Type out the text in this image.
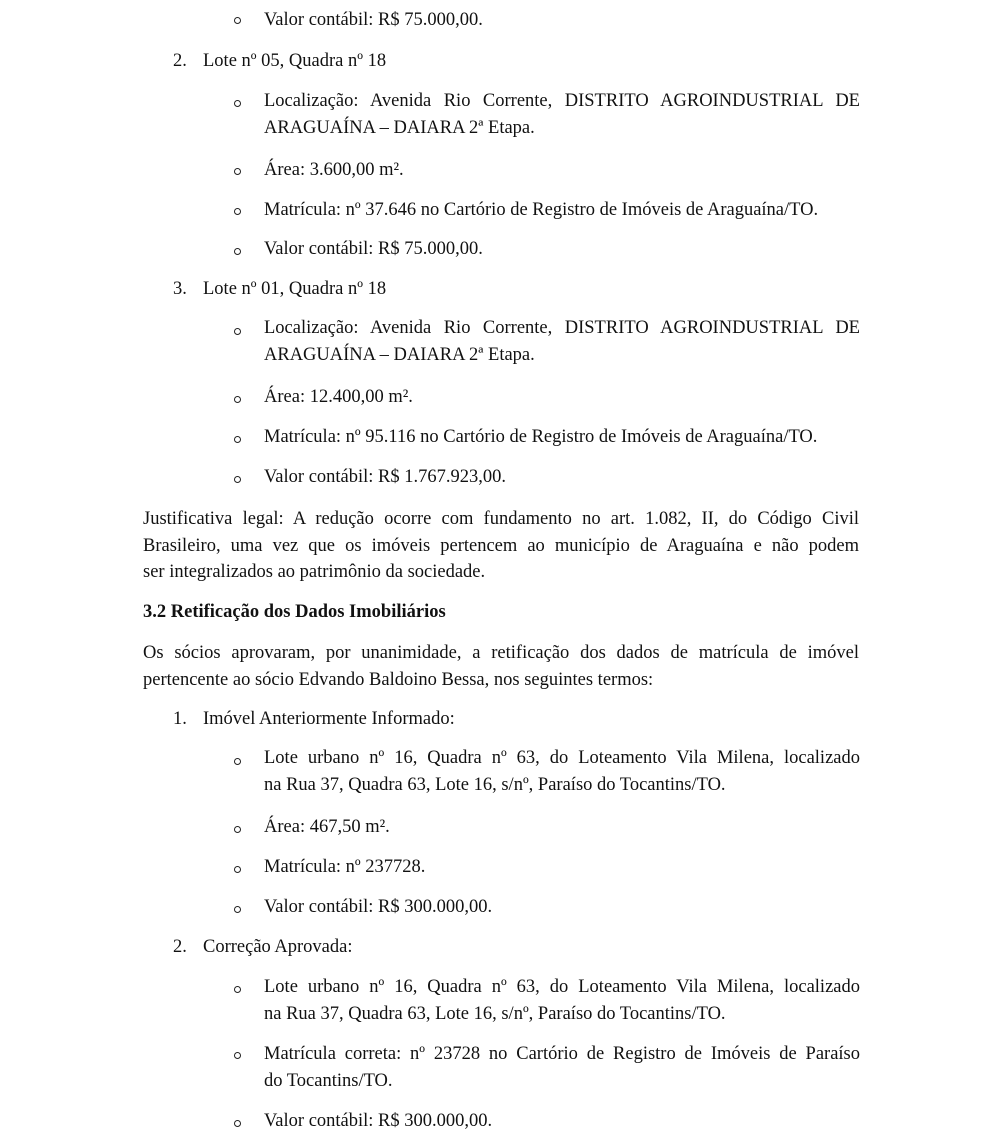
Valor contábil: R$ 75.000,00.
2. Lote nº 05, Quadra nº 18
Localização: Avenida Rio Corrente, DISTRITO AGROINDUSTRIAL DE
ARAGUAÍNA – DAIARA 2ª Etapa.
Área: 3.600,00 m².
Matrícula: nº 37.646 no Cartório de Registro de Imóveis de Araguaína/TO.
Valor contábil: R$ 75.000,00.
3. Lote nº 01, Quadra nº 18
Localização: Avenida Rio Corrente, DISTRITO AGROINDUSTRIAL DE
ARAGUAÍNA – DAIARA 2ª Etapa.
Área: 12.400,00 m².
Matrícula: nº 95.116 no Cartório de Registro de Imóveis de Araguaína/TO.
Valor contábil: R$ 1.767.923,00.
Justificativa legal: A redução ocorre com fundamento no art. 1.082, II, do Código Civil
Brasileiro, uma vez que os imóveis pertencem ao município de Araguaína e não podem
ser integralizados ao patrimônio da sociedade.
3.2 Retificação dos Dados Imobiliários
Os sócios aprovaram, por unanimidade, a retificação dos dados de matrícula de imóvel
pertencente ao sócio Edvando Baldoino Bessa, nos seguintes termos:
1. Imóvel Anteriormente Informado:
Lote urbano nº 16, Quadra nº 63, do Loteamento Vila Milena, localizado
na Rua 37, Quadra 63, Lote 16, s/nº, Paraíso do Tocantins/TO.
Área: 467,50 m².
Matrícula: nº 237728.
Valor contábil: R$ 300.000,00.
2. Correção Aprovada:
Lote urbano nº 16, Quadra nº 63, do Loteamento Vila Milena, localizado
na Rua 37, Quadra 63, Lote 16, s/nº, Paraíso do Tocantins/TO.
Matrícula correta: nº 23728 no Cartório de Registro de Imóveis de Paraíso
do Tocantins/TO.
Valor contábil: R$ 300.000,00.
